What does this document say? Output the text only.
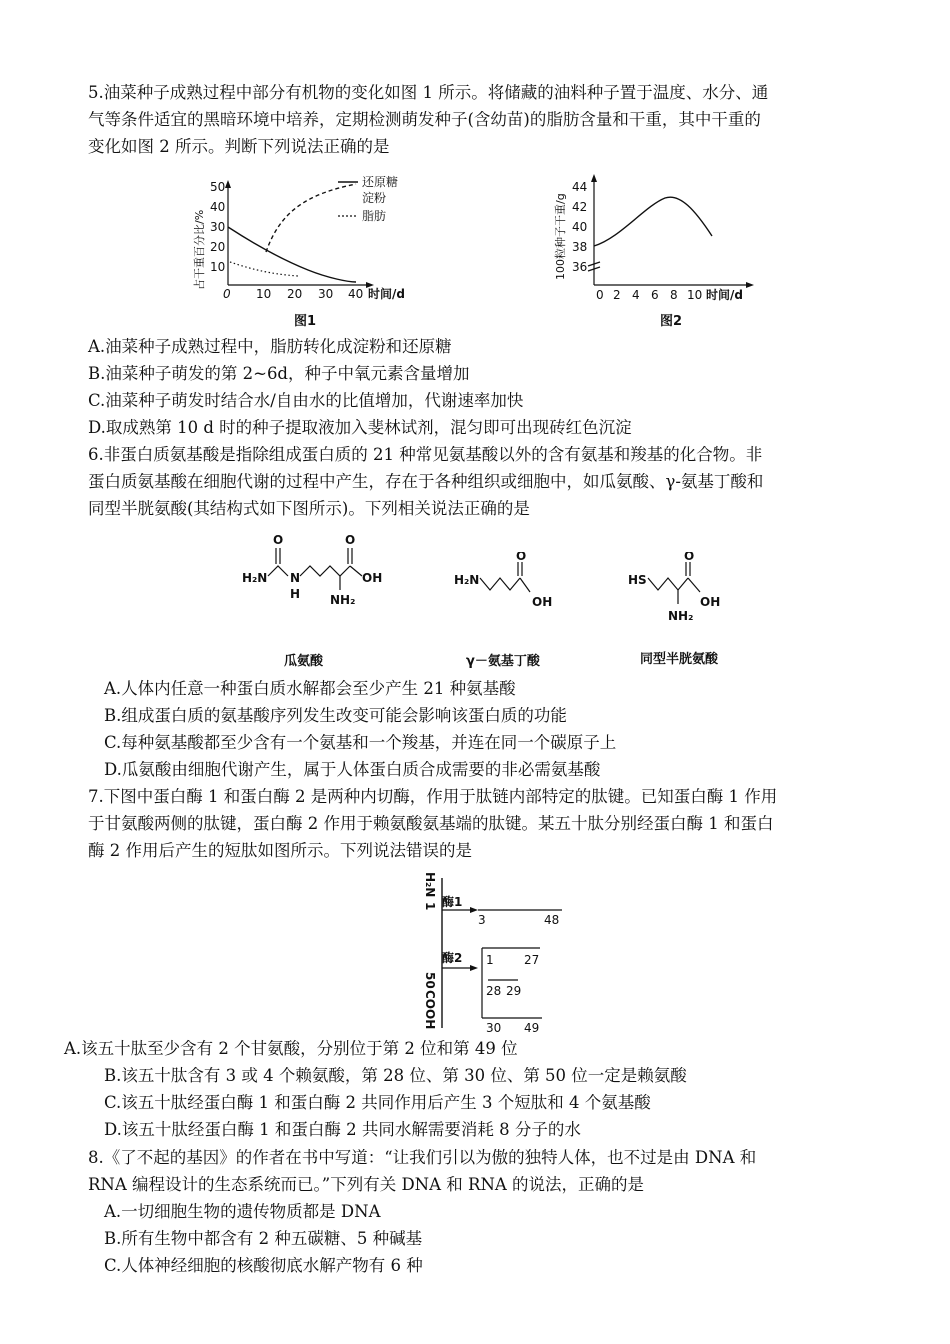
5.油菜种子成熟过程中部分有机物的变化如图 1 所示。将储藏的油料种子置于温度、水分、通
气等条件适宜的黑暗环境中培养，定期检测萌发种子(含幼苗)的脂肪含量和干重，其中干重的
变化如图 2 所示。判断下列说法正确的是
占干重百分比/% 10
20
30
40
50
0 10 20 30 40 时间/d
还原糖
淀粉
脂肪
图1
100粒种子干重/g 36
38
40
42
44
0 2 4 6 8 10 时间/d
图2
A.油菜种子成熟过程中，脂肪转化成淀粉和还原糖
B.油菜种子萌发的第 2~6d，种子中氧元素含量增加
C.油菜种子萌发时结合水/自由水的比值增加，代谢速率加快
D.取成熟第 10 d 时的种子提取液加入斐林试剂，混匀即可出现砖红色沉淀
6.非蛋白质氨基酸是指除组成蛋白质的 21 种常见氨基酸以外的含有氨基和羧基的化合物。非
蛋白质氨基酸在细胞代谢的过程中产生，存在于各种组织或细胞中，如瓜氨酸、γ-氨基丁酸和
同型半胱氨酸(其结构式如下图所示)。下列相关说法正确的是
H₂N
O
N
H
O
OH
NH₂
瓜氨酸
H₂N
O
OH
γ－氨基丁酸
HS
O
OH
NH₂
同型半胱氨酸
A.人体内任意一种蛋白质水解都会至少产生 21 种氨基酸
B.组成蛋白质的氨基酸序列发生改变可能会影响该蛋白质的功能
C.每种氨基酸都至少含有一个氨基和一个羧基，并连在同一个碳原子上
D.瓜氨酸由细胞代谢产生，属于人体蛋白质合成需要的非必需氨基酸
7.下图中蛋白酶 1 和蛋白酶 2 是两种内切酶，作用于肽链内部特定的肽键。已知蛋白酶 1 作用
于甘氨酸两侧的肽键，蛋白酶 2 作用于赖氨酸氨基端的肽键。某五十肽分别经蛋白酶 1 和蛋白
酶 2 作用后产生的短肽如图所示。下列说法错误的是
H₂N
1
50
COOH
酶1
3	48
酶2 1	27
28 29
30 49
A.该五十肽至少含有 2 个甘氨酸，分别位于第 2 位和第 49 位
B.该五十肽含有 3 或 4 个赖氨酸，第 28 位、第 30 位、第 50 位一定是赖氨酸
C.该五十肽经蛋白酶 1 和蛋白酶 2 共同作用后产生 3 个短肽和 4 个氨基酸
D.该五十肽经蛋白酶 1 和蛋白酶 2 共同水解需要消耗 8 分子的水
8.《了不起的基因》的作者在书中写道：“让我们引以为傲的独特人体，也不过是由 DNA 和
RNA 编程设计的生态系统而已。”下列有关 DNA 和 RNA 的说法，正确的是
A.一切细胞生物的遗传物质都是 DNA
B.所有生物中都含有 2 种五碳糖、5 种碱基
C.人体神经细胞的核酸彻底水解产物有 6 种
